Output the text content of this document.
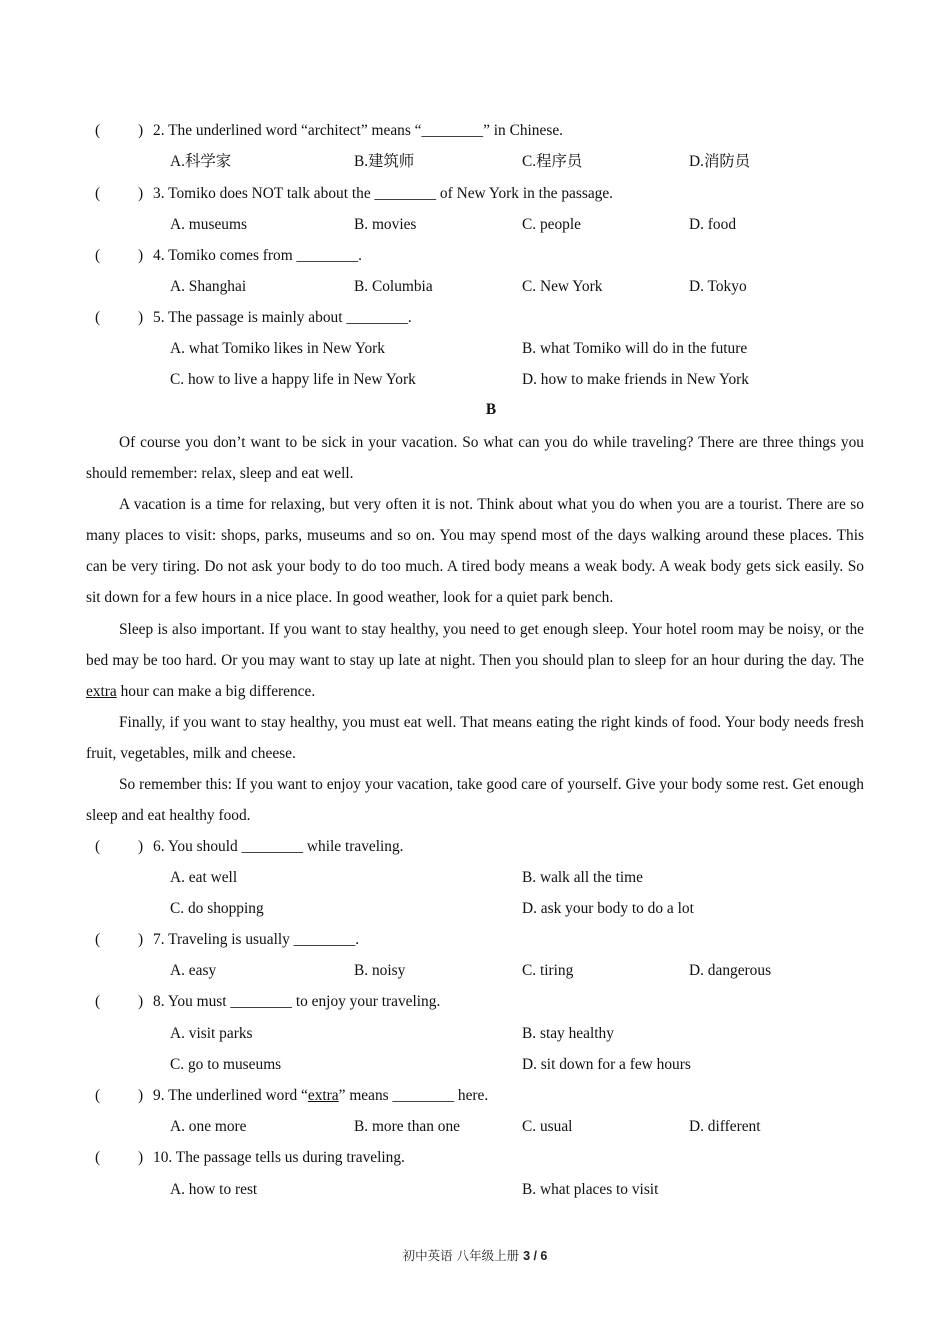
( ) 2. The underlined word “architect” means “________” in Chinese.
A.科学家	B.建筑师	C.程序员	D.消防员
( ) 3. Tomiko does NOT talk about the ________ of New York in the passage.
A. museums	B. movies	C. people	D. food
( ) 4. Tomiko comes from ________.
A. Shanghai	B. Columbia	C. New York	D. Tokyo
( ) 5. The passage is mainly about ________.
A. what Tomiko likes in New York	B. what Tomiko will do in the future
C. how to live a happy life in New York	D. how to make friends in New York
B
Of course you don’t want to be sick in your vacation. So what can you do while traveling? There are three things you should remember: relax, sleep and eat well.
A vacation is a time for relaxing, but very often it is not. Think about what you do when you are a tourist. There are so many places to visit: shops, parks, museums and so on. You may spend most of the days walking around these places. This can be very tiring. Do not ask your body to do too much. A tired body means a weak body. A weak body gets sick easily. So sit down for a few hours in a nice place. In good weather, look for a quiet park bench.
Sleep is also important. If you want to stay healthy, you need to get enough sleep. Your hotel room may be noisy, or the bed may be too hard. Or you may want to stay up late at night. Then you should plan to sleep for an hour during the day. The extra hour can make a big difference.
Finally, if you want to stay healthy, you must eat well. That means eating the right kinds of food. Your body needs fresh fruit, vegetables, milk and cheese.
So remember this: If you want to enjoy your vacation, take good care of yourself. Give your body some rest. Get enough sleep and eat healthy food.
( ) 6. You should ________ while traveling.
A. eat well	B. walk all the time
C. do shopping	D. ask your body to do a lot
( ) 7. Traveling is usually ________.
A. easy	B. noisy	C. tiring	D. dangerous
( ) 8. You must ________ to enjoy your traveling.
A. visit parks	B. stay healthy
C. go to museums	D. sit down for a few hours
( ) 9. The underlined word “extra” means ________ here.
A. one more	B. more than one	C. usual	D. different
( ) 10. The passage tells us during traveling.
A. how to rest	B. what places to visit
初中英语 八年级上册 3 / 6
